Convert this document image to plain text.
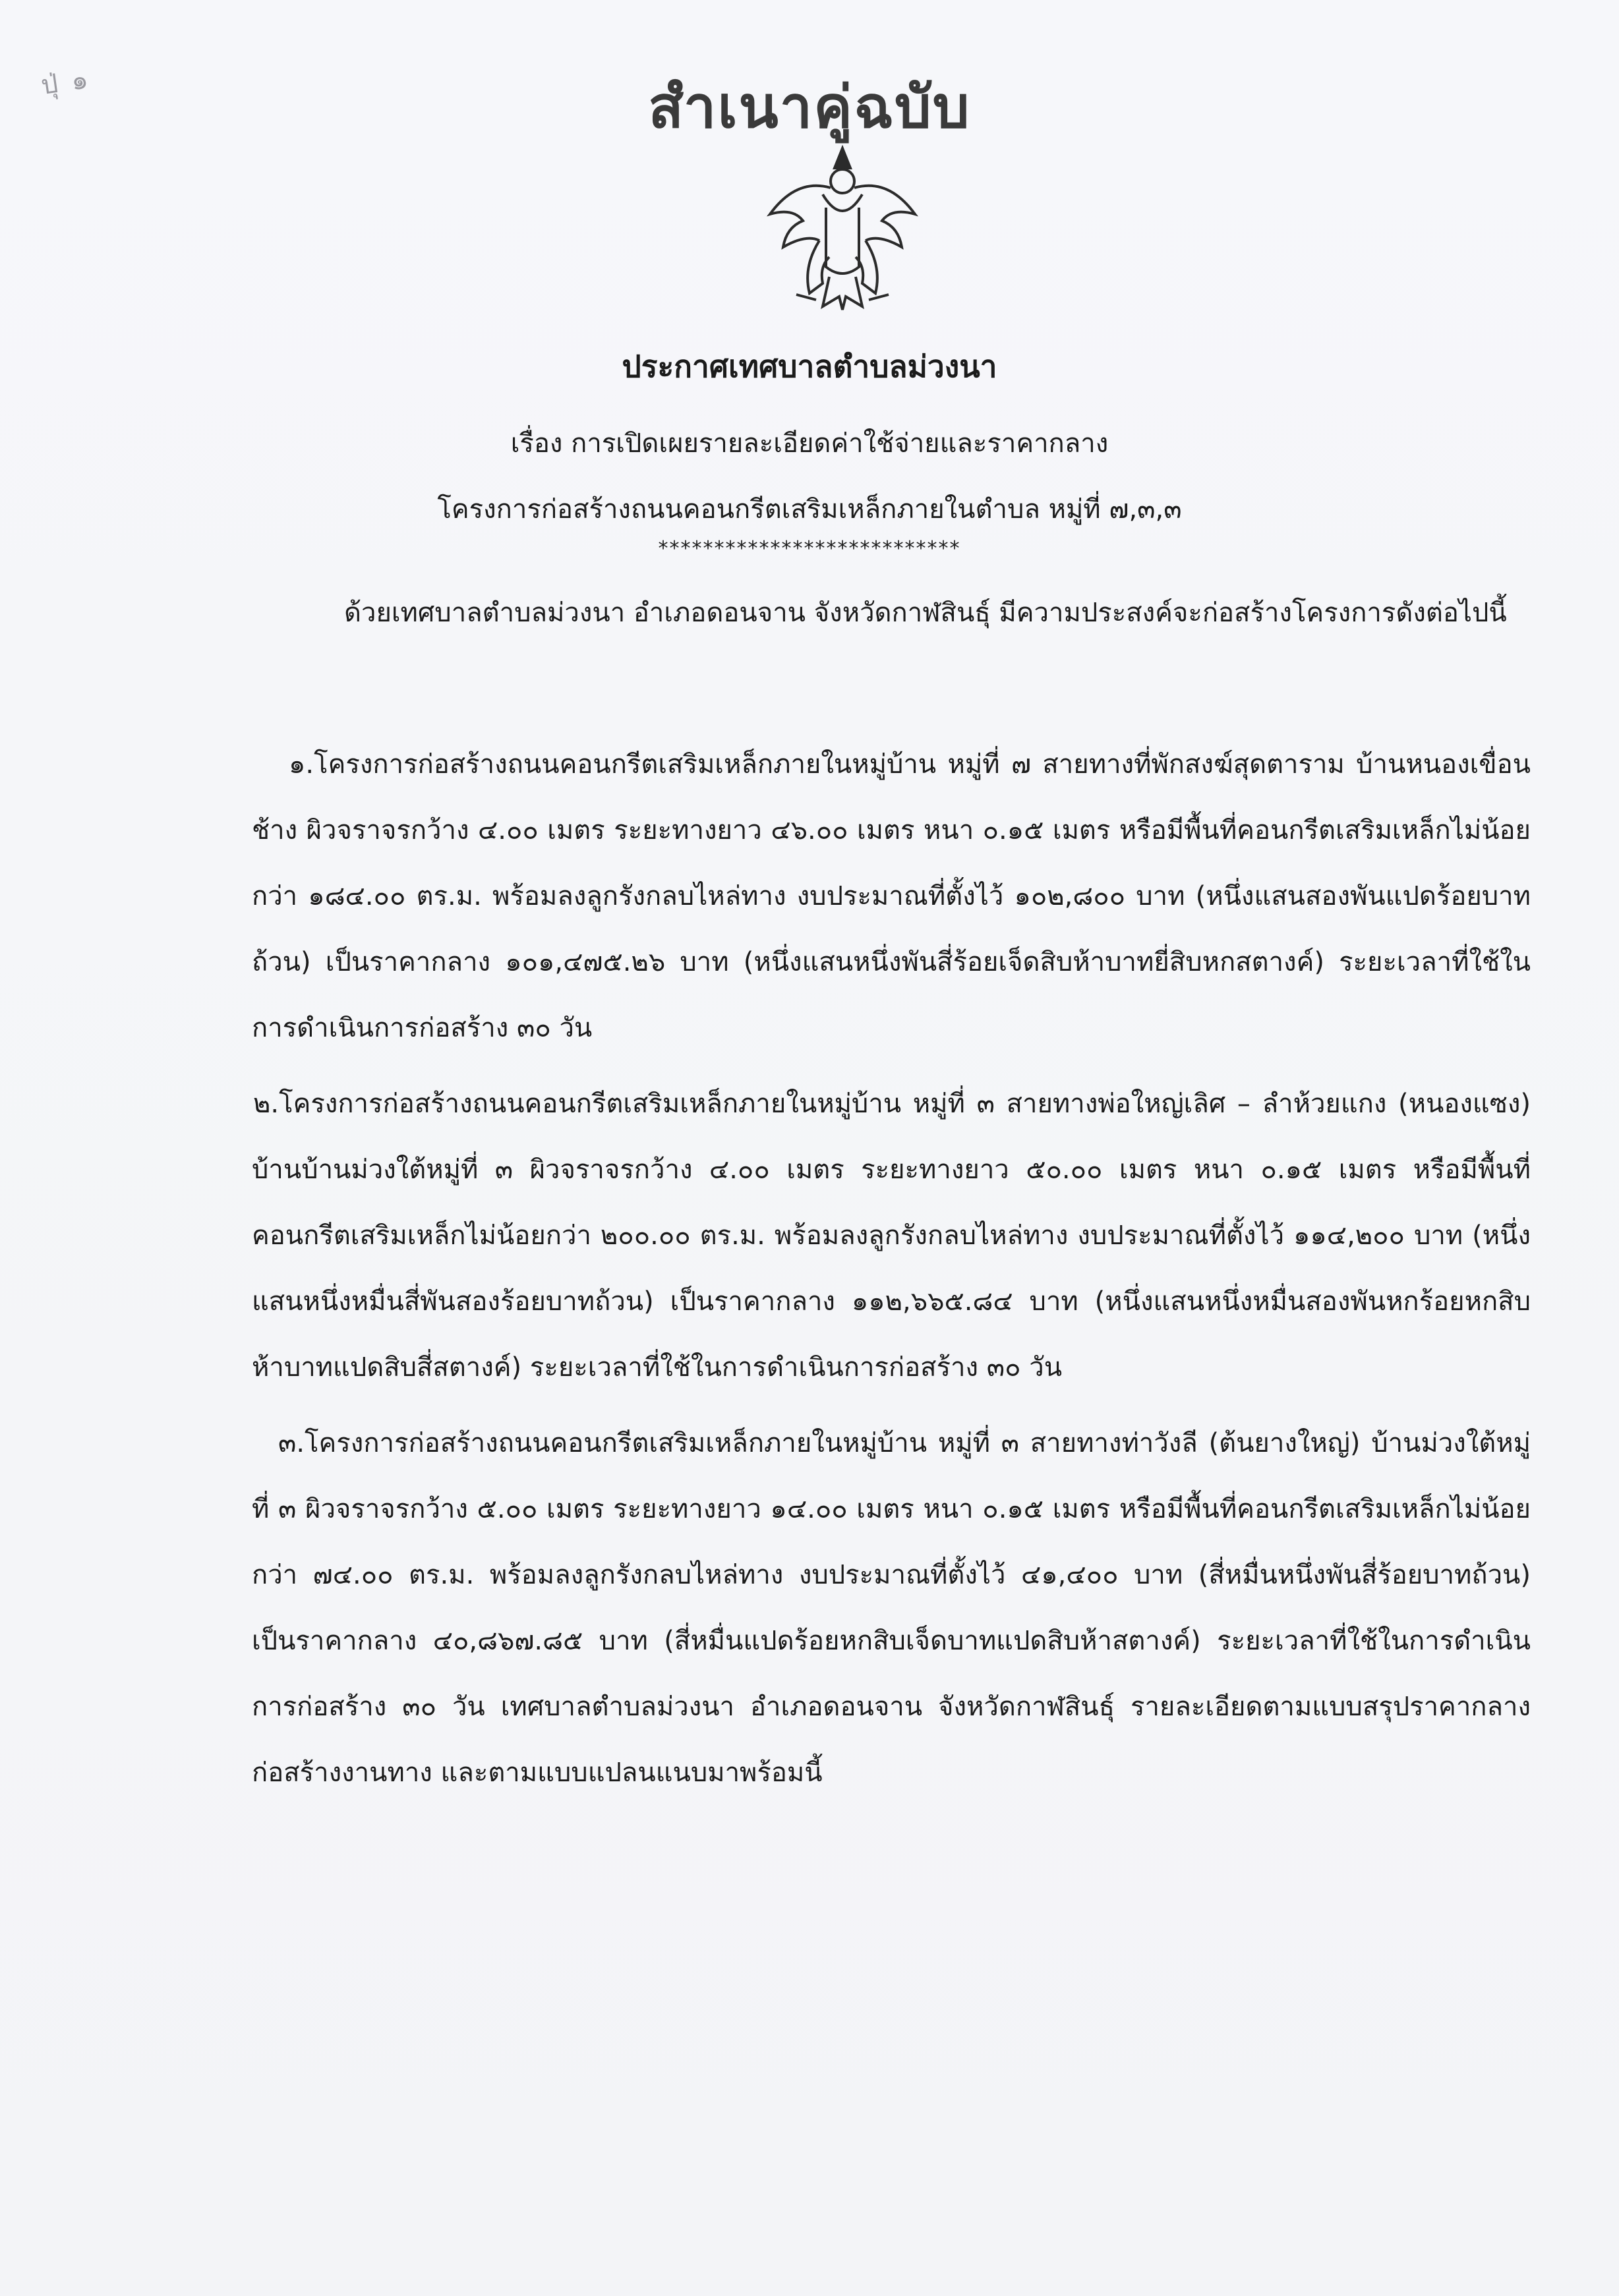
ปุ่ ๑	สำเนาคู่ฉบับ
ประกาศเทศบาลตำบลม่วงนา
เรื่อง การเปิดเผยรายละเอียดค่าใช้จ่ายและราคากลาง
โครงการก่อสร้างถนนคอนกรีตเสริมเหล็กภายในตำบล หมู่ที่ ๗,๓,๓
***************************
ด้วยเทศบาลตำบลม่วงนา อำเภอดอนจาน จังหวัดกาฬสินธุ์ มีความประสงค์จะก่อสร้างโครงการดังต่อไปนี้
๑.โครงการก่อสร้างถนนคอนกรีตเสริมเหล็กภายในหมู่บ้าน หมู่ที่ ๗ สายทางที่พักสงฆ์สุดตาราม บ้านหนองเขื่อนช้าง ผิวจราจรกว้าง ๔.๐๐ เมตร ระยะทางยาว ๔๖.๐๐ เมตร หนา ๐.๑๕ เมตร หรือมีพื้นที่คอนกรีตเสริมเหล็กไม่น้อยกว่า ๑๘๔.๐๐ ตร.ม. พร้อมลงลูกรังกลบไหล่ทาง งบประมาณที่ตั้งไว้ ๑๐๒,๘๐๐ บาท (หนึ่งแสนสองพันแปดร้อยบาทถ้วน) เป็นราคากลาง ๑๐๑,๔๗๕.๒๖ บาท (หนึ่งแสนหนึ่งพันสี่ร้อยเจ็ดสิบห้าบาทยี่สิบหกสตางค์) ระยะเวลาที่ใช้ในการดำเนินการก่อสร้าง ๓๐ วัน
๒.โครงการก่อสร้างถนนคอนกรีตเสริมเหล็กภายในหมู่บ้าน หมู่ที่ ๓ สายทางพ่อใหญ่เลิศ – ลำห้วยแกง (หนองแซง) บ้านบ้านม่วงใต้หมู่ที่ ๓ ผิวจราจรกว้าง ๔.๐๐ เมตร ระยะทางยาว ๕๐.๐๐ เมตร หนา ๐.๑๕ เมตร หรือมีพื้นที่คอนกรีตเสริมเหล็กไม่น้อยกว่า ๒๐๐.๐๐ ตร.ม. พร้อมลงลูกรังกลบไหล่ทาง งบประมาณที่ตั้งไว้ ๑๑๔,๒๐๐ บาท (หนึ่งแสนหนึ่งหมื่นสี่พันสองร้อยบาทถ้วน) เป็นราคากลาง ๑๑๒,๖๖๕.๘๔ บาท (หนึ่งแสนหนึ่งหมื่นสองพันหกร้อยหกสิบห้าบาทแปดสิบสี่สตางค์) ระยะเวลาที่ใช้ในการดำเนินการก่อสร้าง ๓๐ วัน
๓.โครงการก่อสร้างถนนคอนกรีตเสริมเหล็กภายในหมู่บ้าน หมู่ที่ ๓ สายทางท่าวังลี (ต้นยางใหญ่) บ้านม่วงใต้หมู่ที่ ๓ ผิวจราจรกว้าง ๕.๐๐ เมตร ระยะทางยาว ๑๔.๐๐ เมตร หนา ๐.๑๕ เมตร หรือมีพื้นที่คอนกรีตเสริมเหล็กไม่น้อยกว่า ๗๔.๐๐ ตร.ม. พร้อมลงลูกรังกลบไหล่ทาง งบประมาณที่ตั้งไว้ ๔๑,๔๐๐ บาท (สี่หมื่นหนึ่งพันสี่ร้อยบาทถ้วน) เป็นราคากลาง ๔๐,๘๖๗.๘๕ บาท (สี่หมื่นแปดร้อยหกสิบเจ็ดบาทแปดสิบห้าสตางค์) ระยะเวลาที่ใช้ในการดำเนินการก่อสร้าง ๓๐ วัน เทศบาลตำบลม่วงนา อำเภอดอนจาน จังหวัดกาฬสินธุ์ รายละเอียดตามแบบสรุปราคากลางก่อสร้างงานทาง และตามแบบแปลนแนบมาพร้อมนี้
